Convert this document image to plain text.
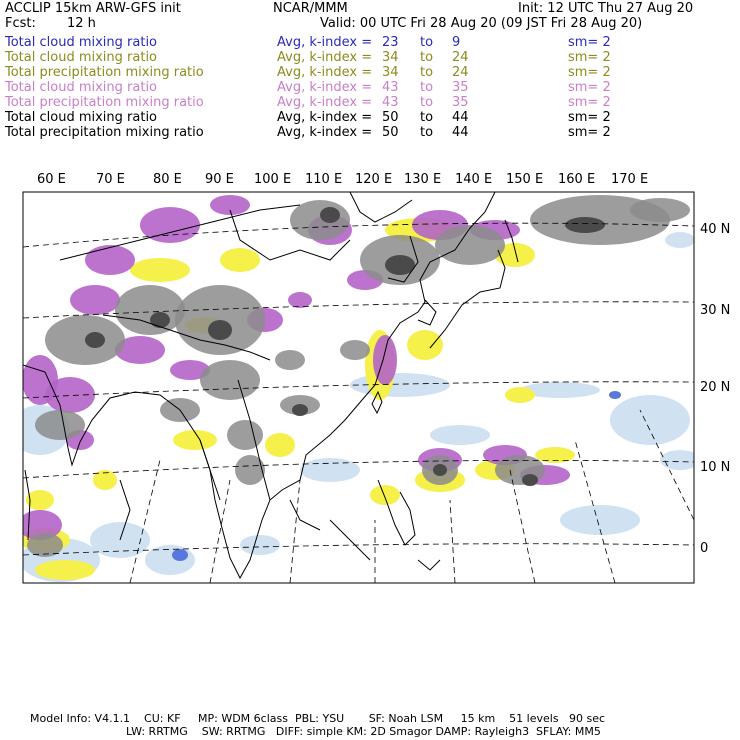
ACCLIP 15km ARW-GFS init	NCAR/MMM	Init: 12 UTC Thu 27 Aug 20
Fcst: 12 h	Valid: 00 UTC Fri 28 Aug 20 (09 JST Fri 28 Aug 20)
Total cloud mixing ratio	Avg, k-index = 23 to 9	sm= 2
Total cloud mixing ratio	Avg, k-index = 34 to 24	sm= 2
Total precipitation mixing ratio	Avg, k-index = 34 to 24	sm= 2
Total cloud mixing ratio	Avg, k-index = 43 to 35	sm= 2
Total precipitation mixing ratio	Avg, k-index = 43 to 35	sm= 2
Total cloud mixing ratio	Avg, k-index = 50 to 44	sm= 2
Total precipitation mixing ratio	Avg, k-index = 50 to 44	sm= 2
60 E 70 E 80 E 90 E 100 E 110 E 120 E 130 E 140 E 150 E 160 E 170 E
40 N
30 N
20 N
10 N
0
Model Info: V4.1.1    CU: KF     MP: WDM 6class  PBL: YSU       SF: Noah LSM     15 km    51 levels   90 sec
LW: RRTMG    SW: RRTMG   DIFF: simple KM: 2D Smagor DAMP: Rayleigh3  SFLAY: MM5
